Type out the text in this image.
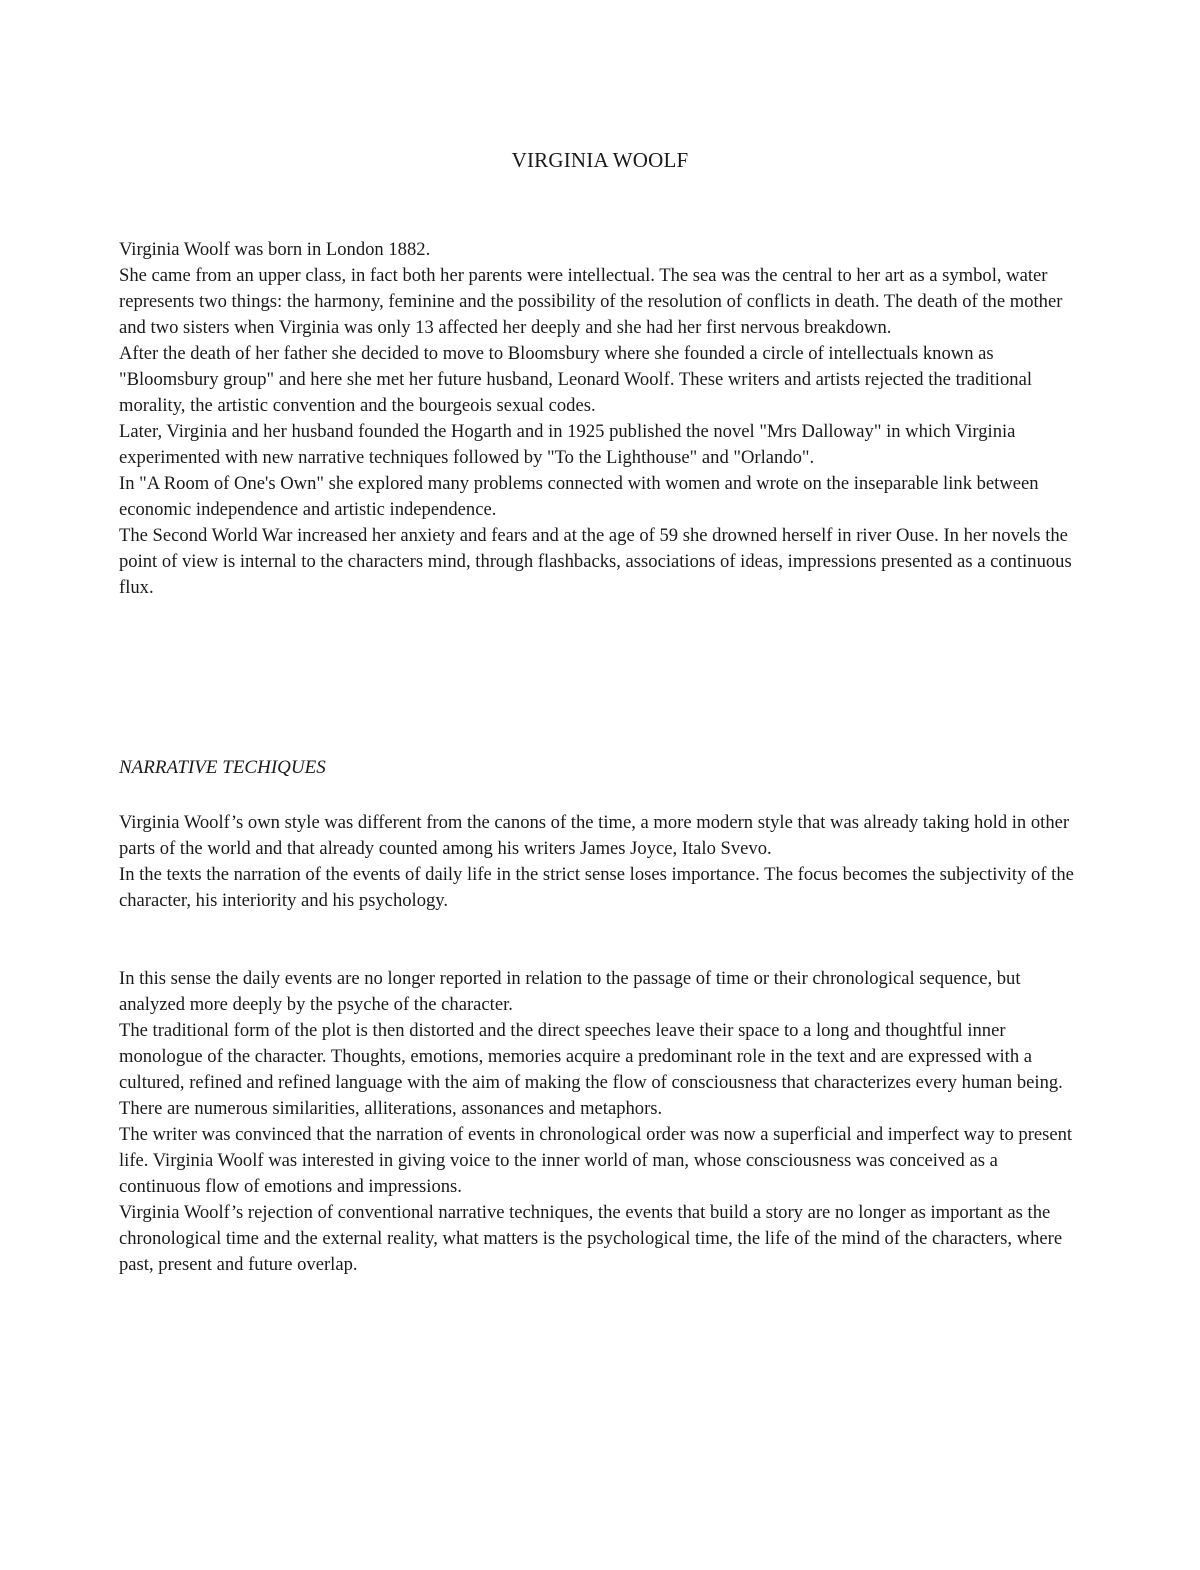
VIRGINIA WOOLF

Virginia Woolf was born in London 1882.

She came from an upper class, in fact both her parents were intellectual. The sea was the central to her art as a symbol, water represents two things: the harmony, feminine and the possibility of the resolution of conflicts in death. The death of the mother and two sisters when Virginia was only 13 affected her deeply and she had her first nervous breakdown.

After the death of her father she decided to move to Bloomsbury where she founded a circle of intellectuals known as "Bloomsbury group" and here she met her future husband, Leonard Woolf. These writers and artists rejected the traditional morality, the artistic convention and the bourgeois sexual codes.

Later, Virginia and her husband founded the Hogarth and in 1925 published the novel "Mrs Dalloway" in which Virginia experimented with new narrative techniques followed by "To the Lighthouse" and "Orlando".

In "A Room of One's Own" she explored many problems connected with women and wrote on the inseparable link between economic independence and artistic independence.

The Second World War increased her anxiety and fears and at the age of 59 she drowned herself in river Ouse. In her novels the point of view is internal to the characters mind, through flashbacks, associations of ideas, impressions presented as a continuous flux.

NARRATIVE TECHIQUES

Virginia Woolf’s own style was different from the canons of the time, a more modern style that was already taking hold in other parts of the world and that already counted among his writers James Joyce, Italo Svevo.

In the texts the narration of the events of daily life in the strict sense loses importance. The focus becomes the subjectivity of the character, his interiority and his psychology.

In this sense the daily events are no longer reported in relation to the passage of time or their chronological sequence, but analyzed more deeply by the psyche of the character.

The traditional form of the plot is then distorted and the direct speeches leave their space to a long and thoughtful inner monologue of the character. Thoughts, emotions, memories acquire a predominant role in the text and are expressed with a cultured, refined and refined language with the aim of making the flow of consciousness that characterizes every human being.

There are numerous similarities, alliterations, assonances and metaphors.

The writer was convinced that the narration of events in chronological order was now a superficial and imperfect way to present life. Virginia Woolf was interested in giving voice to the inner world of man, whose consciousness was conceived as a continuous flow of emotions and impressions.

Virginia Woolf’s rejection of conventional narrative techniques, the events that build a story are no longer as important as the chronological time and the external reality, what matters is the psychological time, the life of the mind of the characters, where past, present and future overlap.
